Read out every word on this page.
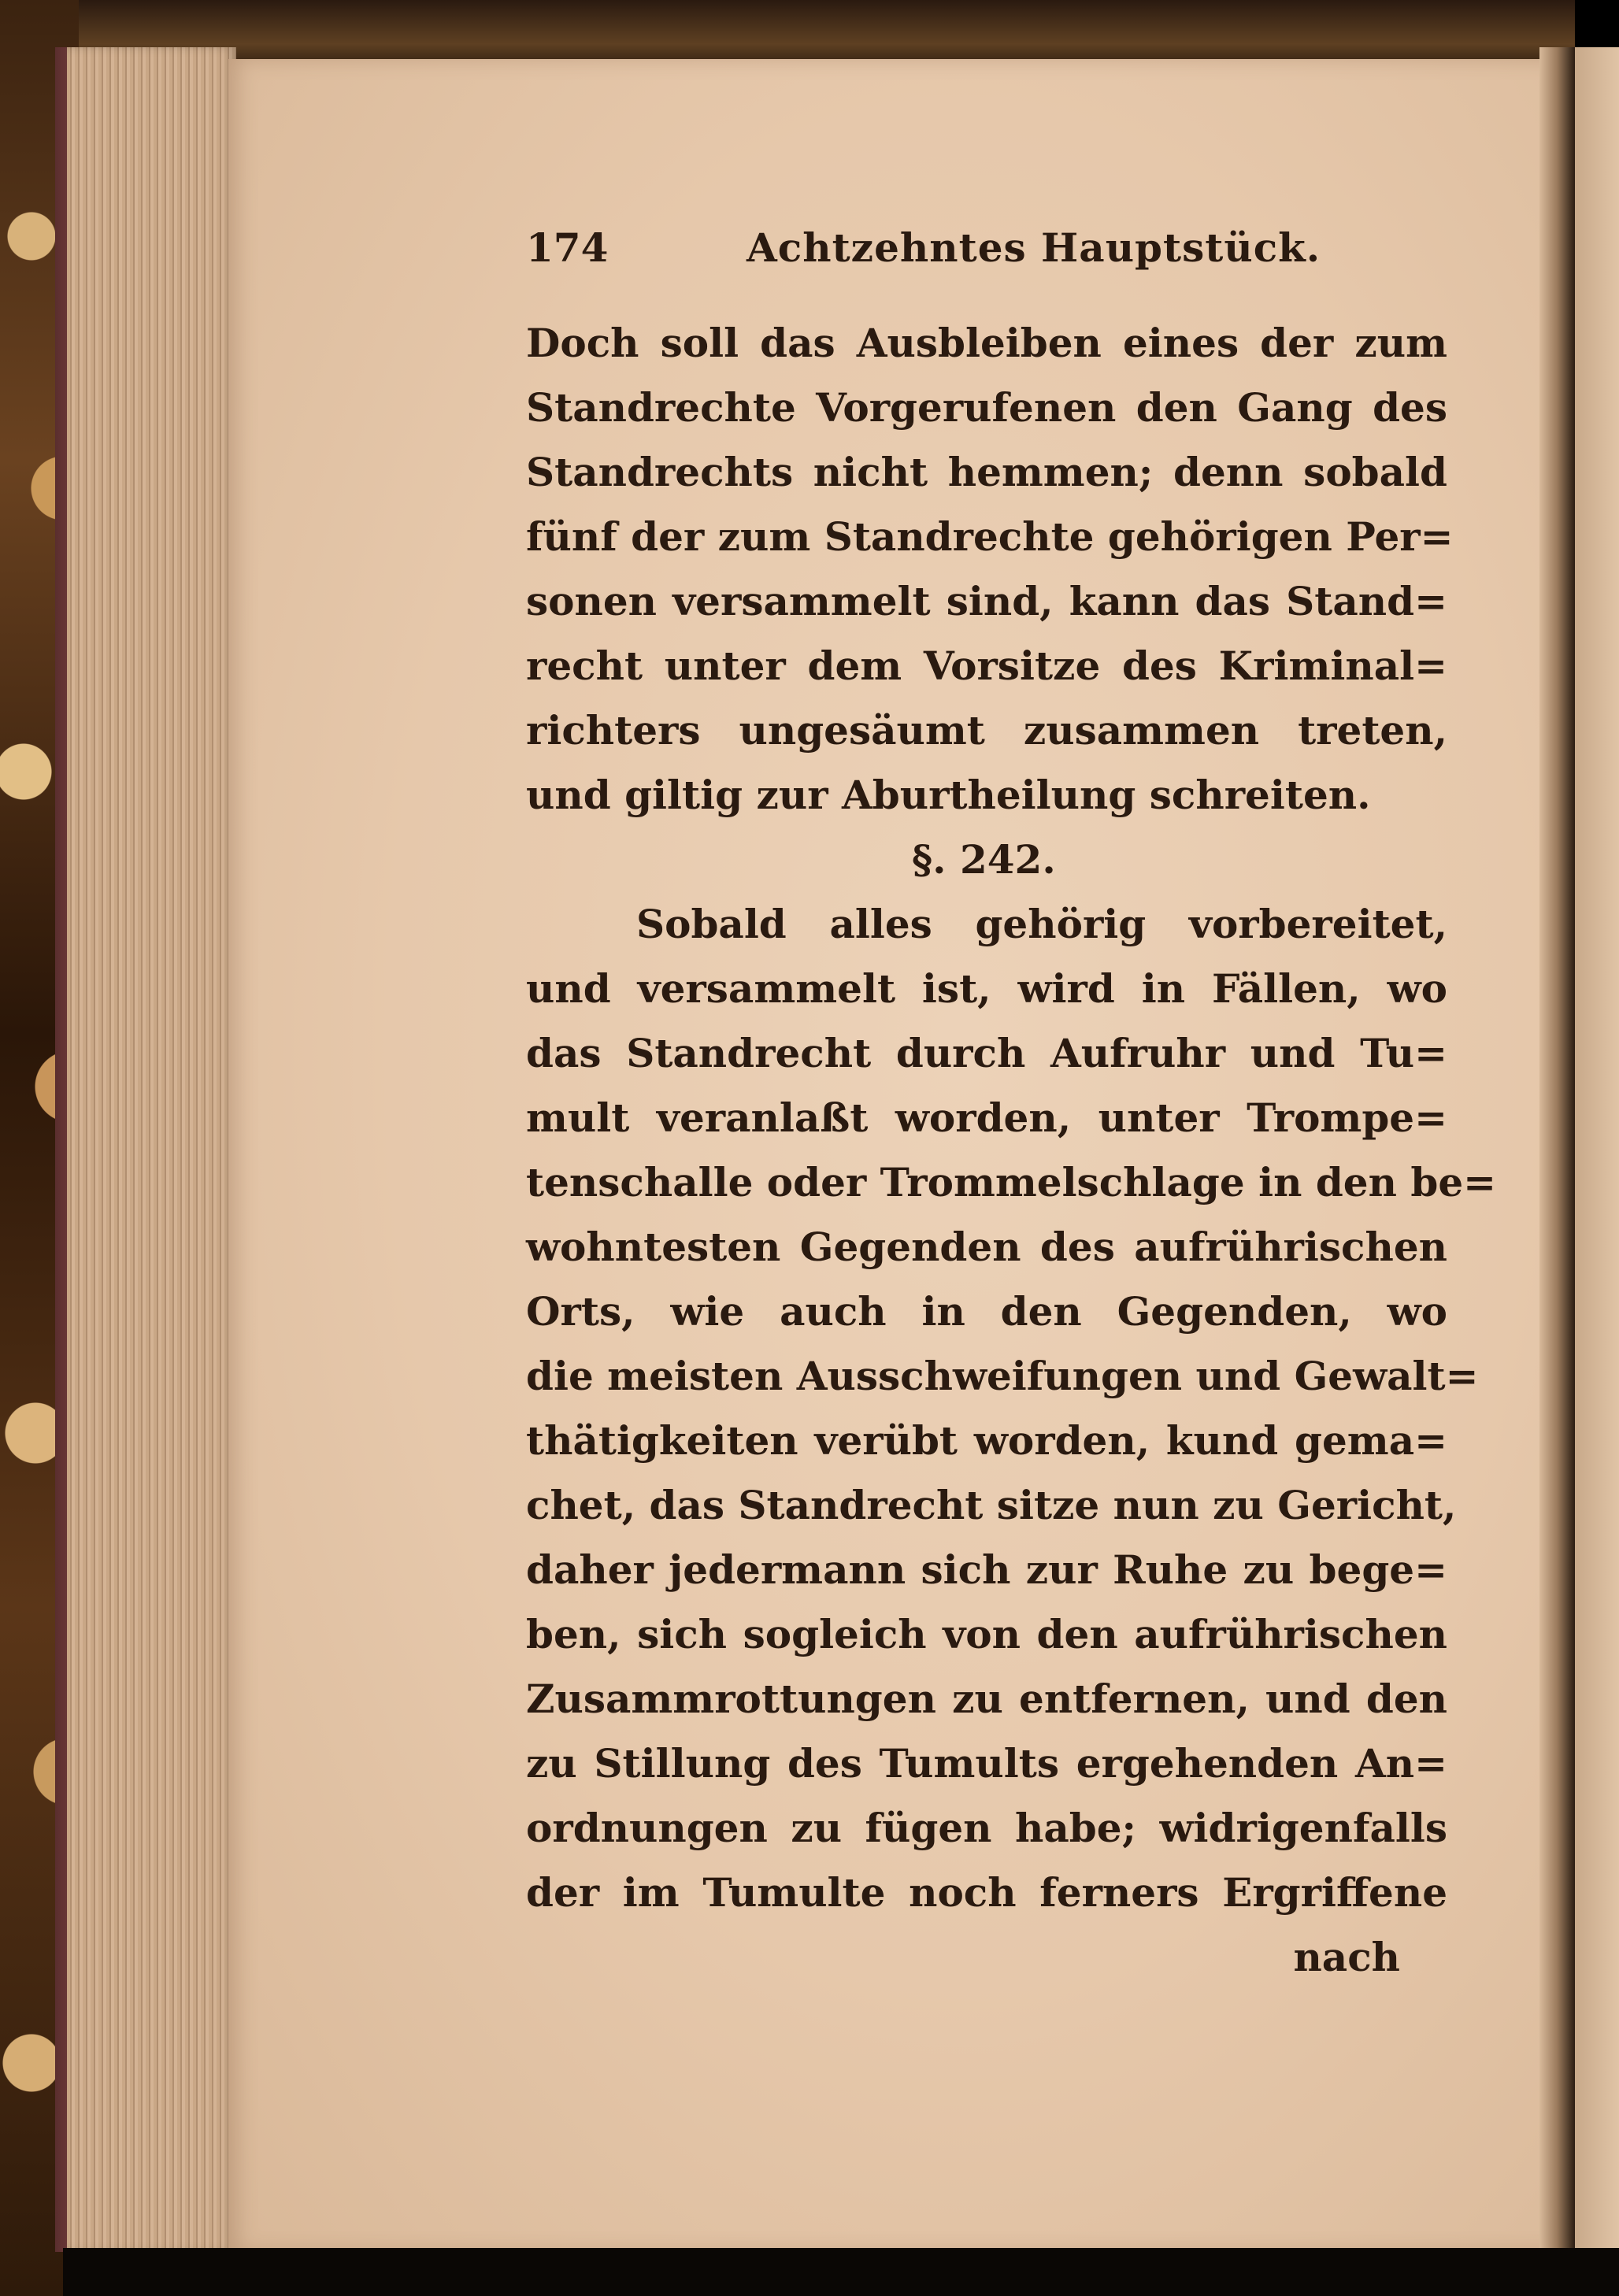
174	Achtzehntes Hauptstück.
Doch soll das Ausbleiben eines der zum
Standrechte Vorgerufenen den Gang des
Standrechts nicht hemmen; denn sobald
fünf der zum Standrechte gehörigen Per=
sonen versammelt sind, kann das Stand=
recht unter dem Vorsitze des Kriminal=
richters ungesäumt zusammen treten,
und giltig zur Aburtheilung schreiten.
§. 242.
Sobald alles gehörig vorbereitet,
und versammelt ist, wird in Fällen, wo
das Standrecht durch Aufruhr und Tu=
mult veranlaßt worden, unter Trompe=
tenschalle oder Trommelschlage in den be=
wohntesten Gegenden des aufrührischen
Orts, wie auch in den Gegenden, wo
die meisten Ausschweifungen und Gewalt=
thätigkeiten verübt worden, kund gema=
chet, das Standrecht sitze nun zu Gericht,
daher jedermann sich zur Ruhe zu bege=
ben, sich sogleich von den aufrührischen
Zusammrottungen zu entfernen, und den
zu Stillung des Tumults ergehenden An=
ordnungen zu fügen habe; widrigenfalls
der im Tumulte noch ferners Ergriffene
nach
